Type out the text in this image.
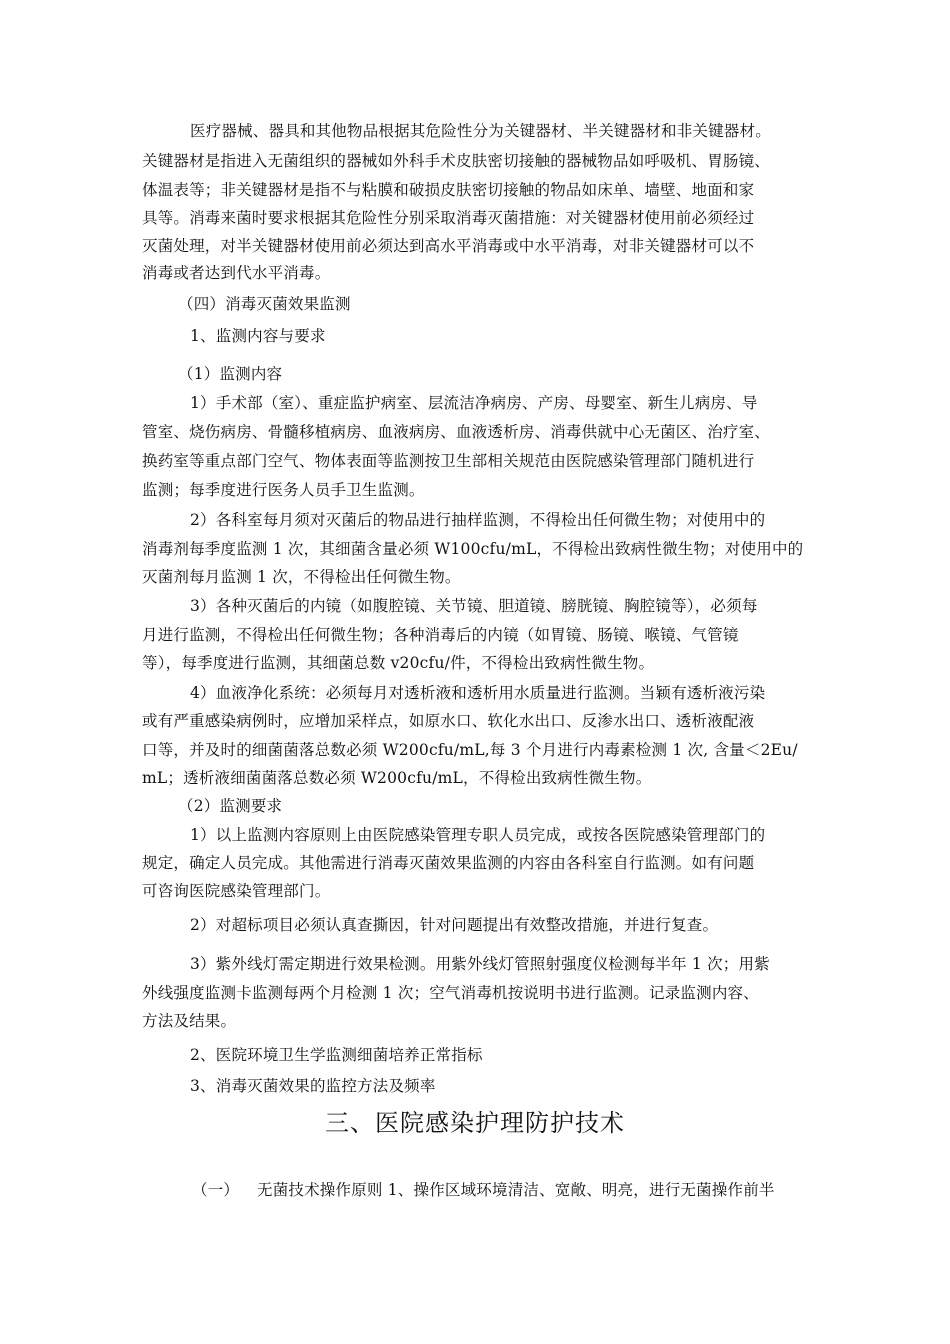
医疗器械、器具和其他物品根据其危险性分为关键器材、半关键器材和非关键器材。
关键器材是指进入无菌组织的器械如外科手术皮肤密切接触的器械物品如呼吸机、胃肠镜、
体温表等；非关键器材是指不与粘膜和破损皮肤密切接触的物品如床单、墙壁、地面和家
具等。消毒来菌时要求根据其危险性分别采取消毒灭菌措施：对关键器材使用前必须经过
灭菌处理，对半关键器材使用前必须达到高水平消毒或中水平消毒，对非关键器材可以不
消毒或者达到代水平消毒。
（四）消毒灭菌效果监测
1、监测内容与要求
（1）监测内容
1）手术部（室）、重症监护病室、层流洁净病房、产房、母婴室、新生儿病房、导
管室、烧伤病房、骨髓移植病房、血液病房、血液透析房、消毒供就中心无菌区、治疗室、
换药室等重点部门空气、物体表面等监测按卫生部相关规范由医院感染管理部门随机进行
监测；每季度进行医务人员手卫生监测。
2）各科室每月须对灭菌后的物品进行抽样监测，不得检出任何微生物；对使用中的
消毒剂每季度监测 1 次，其细菌含量必须 W100cfu/mL，不得检出致病性微生物；对使用中的
灭菌剂每月监测 1 次，不得检出任何微生物。
3）各种灭菌后的内镜（如腹腔镜、关节镜、胆道镜、膀胱镜、胸腔镜等），必须每
月进行监测，不得检出任何微生物；各种消毒后的内镜（如胃镜、肠镜、喉镜、气管镜
等），每季度进行监测，其细菌总数 v20cfu/件，不得检出致病性微生物。
4）血液净化系统：必须每月对透析液和透析用水质量进行监测。当颖有透析液污染
或有严重感染病例时，应增加采样点，如原水口、软化水出口、反渗水出口、透析液配液
口等，并及时的细菌菌落总数必须 W200cfu/mL,每 3 个月进行内毒素检测 1 次, 含量＜2Eu/
mL；透析液细菌菌落总数必须 W200cfu/mL，不得检出致病性微生物。
（2）监测要求
1）以上监测内容原则上由医院感染管理专职人员完成，或按各医院感染管理部门的
规定，确定人员完成。其他需进行消毒灭菌效果监测的内容由各科室自行监测。如有问题
可咨询医院感染管理部门。
2）对超标项目必须认真查撕因，针对问题提出有效整改措施，并进行复查。
3）紫外线灯需定期进行效果检测。用紫外线灯管照射强度仪检测每半年 1 次；用紫
外线强度监测卡监测每两个月检测 1 次；空气消毒机按说明书进行监测。记录监测内容、
方法及结果。
2、医院环境卫生学监测细菌培养正常指标
3、消毒灭菌效果的监控方法及频率
三、医院感染护理防护技术
（一） 无菌技术操作原则 1、操作区域环境清洁、宽敞、明亮，进行无菌操作前半
